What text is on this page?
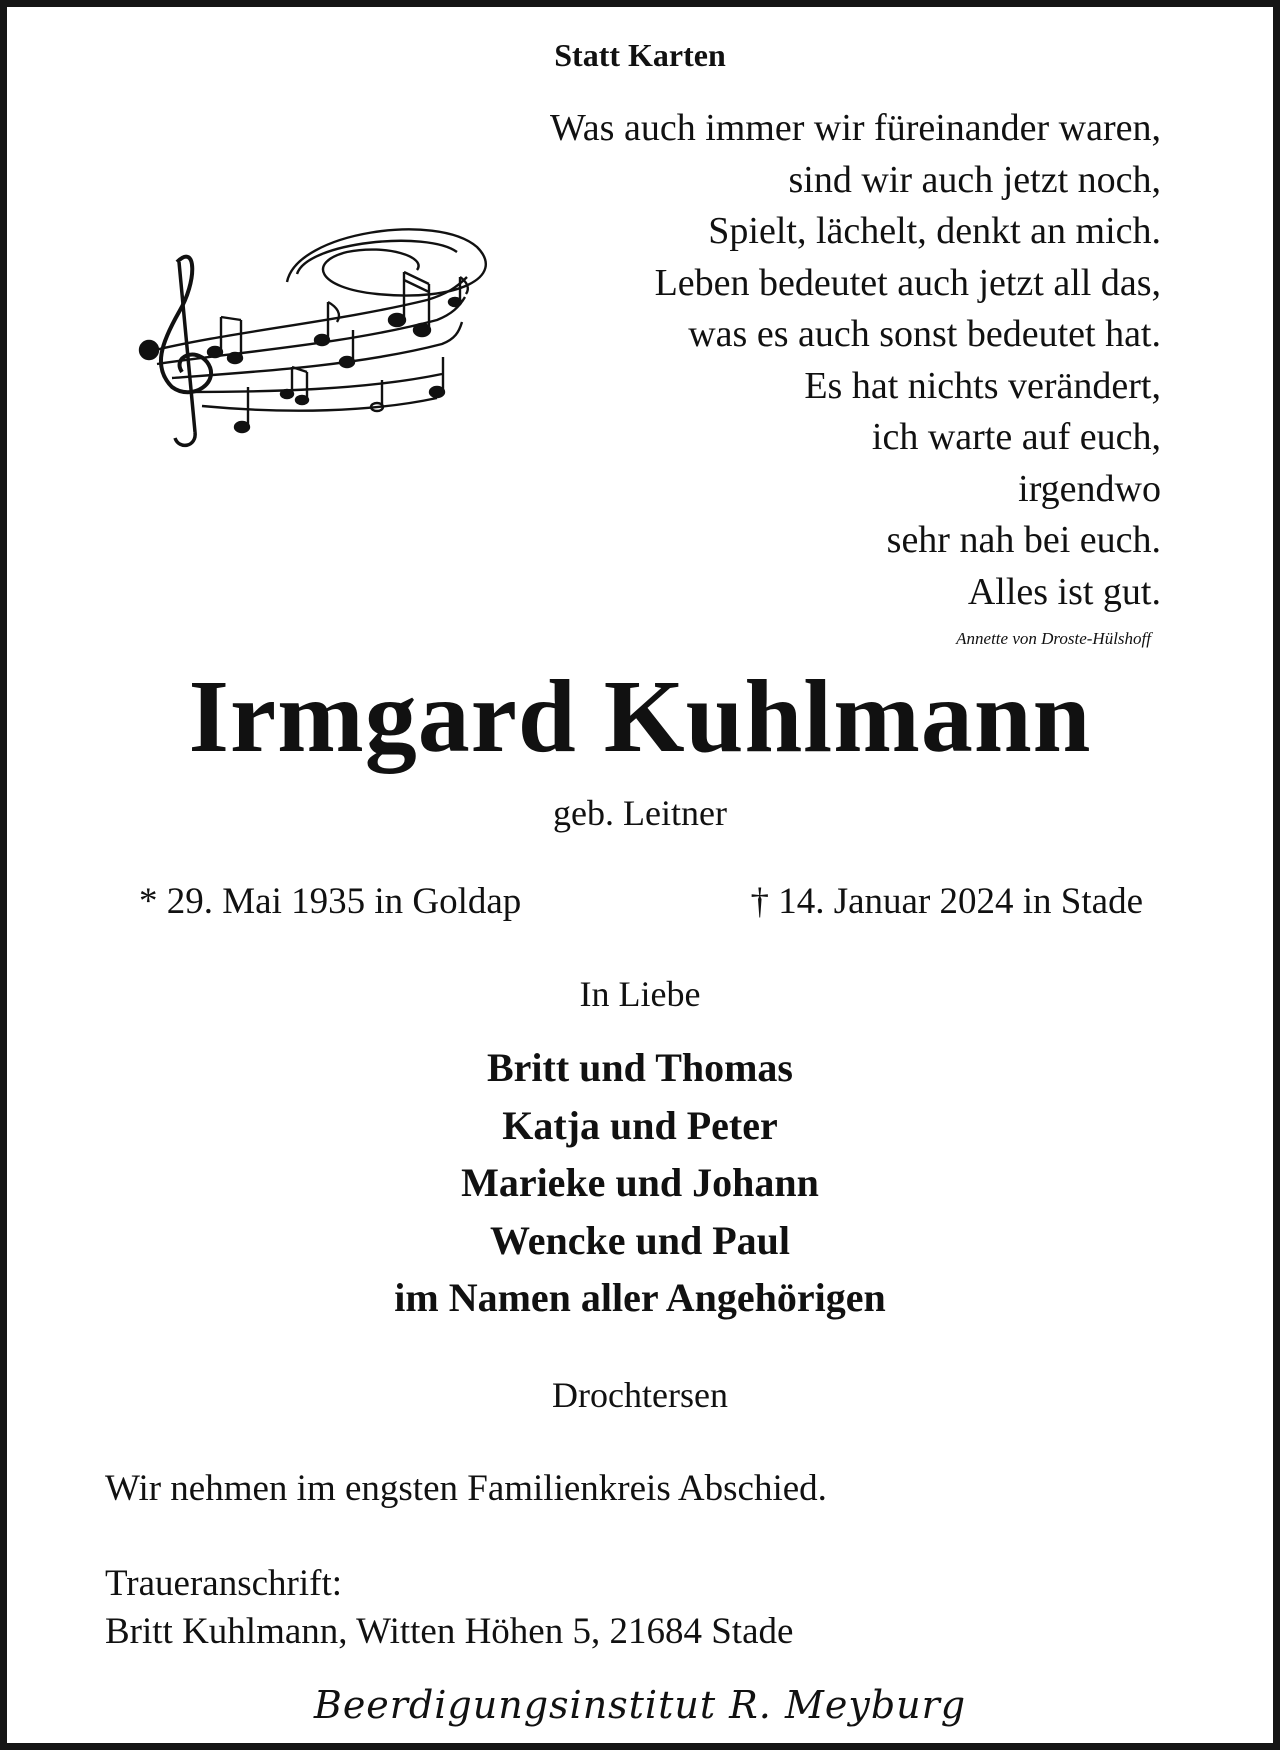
Statt Karten
Was auch immer wir füreinander waren,
sind wir auch jetzt noch,
Spielt, lächelt, denkt an mich.
Leben bedeutet auch jetzt all das,
was es auch sonst bedeutet hat.
Es hat nichts verändert,
ich warte auf euch,
irgendwo
sehr nah bei euch.
Alles ist gut.
Annette von Droste-Hülshoff
Irmgard Kuhlmann
geb. Leitner
* 29. Mai 1935 in Goldap	† 14. Januar 2024 in Stade
In Liebe
Britt und Thomas
Katja und Peter
Marieke und Johann
Wencke und Paul
im Namen aller Angehörigen
Drochtersen
Wir nehmen im engsten Familienkreis Abschied.
Traueranschrift:
Britt Kuhlmann, Witten Höhen 5, 21684 Stade
Beerdigungsinstitut R. Meyburg
